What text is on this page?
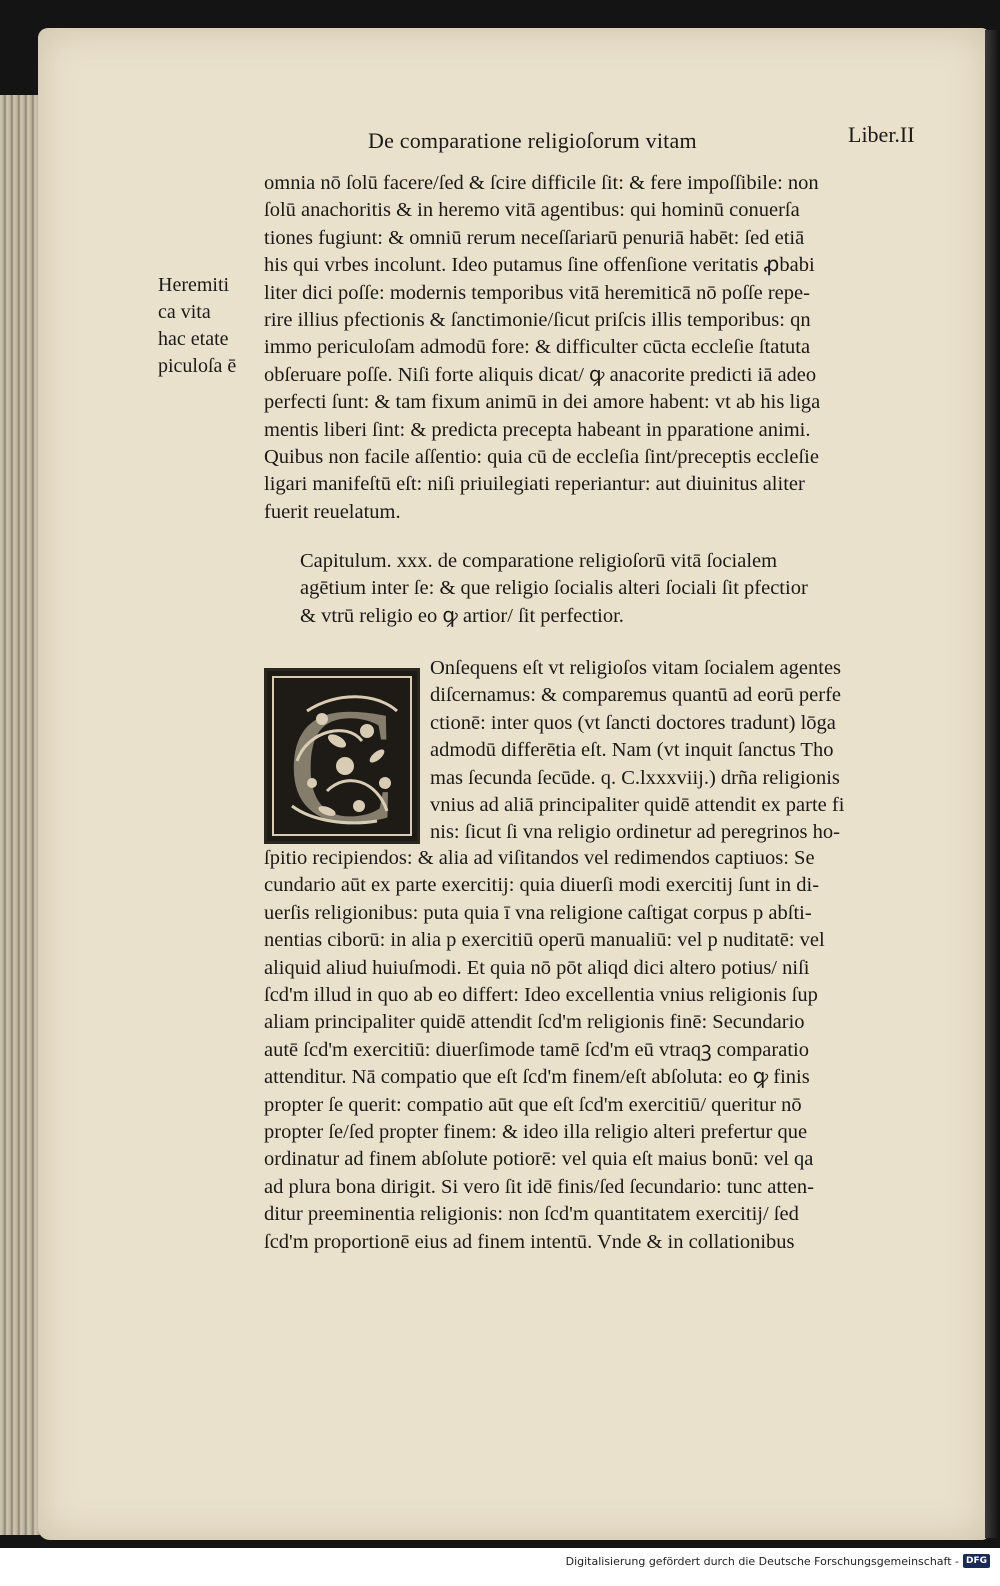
De comparatione religioſorum vitam	Liber.II
Heremiti
ca vita
hac etate
piculoſa ē
omnia nō ſolū facere/ſed & ſcire difficile ſit: & fere impoſſibile: non
ſolū anachoritis & in heremo vitā agentibus: qui hominū conuerſa
tiones fugiunt: & omniū rerum neceſſariarū penuriā habēt: ſed etiā
his qui vrbes incolunt. Ideo putamus ſine offenſione veritatis ꝓbabi
liter dici poſſe: modernis temporibus vitā heremiticā nō poſſe repe-
rire illius pfectionis & ſanctimonie/ſicut priſcis illis temporibus: qn
immo periculoſam admodū fore: & difficulter cūcta eccleſie ſtatuta
obſeruare poſſe. Niſi forte aliquis dicat/ ꝙ anacorite predicti iā adeo
perfecti ſunt: & tam fixum animū in dei amore habent: vt ab his liga
mentis liberi ſint: & predicta precepta habeant in pparatione animi.
Quibus non facile aſſentio: quia cū de eccleſia ſint/preceptis eccleſie
ligari manifeſtū eſt: niſi priuilegiati reperiantur: aut diuinitus aliter
fuerit reuelatum.
Capitulum. xxx. de comparatione religioſorū vitā ſocialem
agētium inter ſe: & que religio ſocialis alteri ſociali ſit pfectior
& vtrū religio eo ꝙ artior/ ſit perfectior.
C
Onſequens eſt vt religioſos vitam ſocialem agentes
diſcernamus: & comparemus quantū ad eorū perfe
ctionē: inter quos (vt ſancti doctores tradunt) lōga
admodū differētia eſt. Nam (vt inquit ſanctus Tho
mas ſecunda ſecūde. q. C.lxxxviij.) drña religionis
vnius ad aliā principaliter quidē attendit ex parte fi
nis: ſicut ſi vna religio ordinetur ad peregrinos ho-
ſpitio recipiendos: & alia ad viſitandos vel redimendos captiuos: Se
cundario aūt ex parte exercitij: quia diuerſi modi exercitij ſunt in di-
uerſis religionibus: puta quia ī vna religione caſtigat corpus p abſti-
nentias ciborū: in alia p exercitiū operū manualiū: vel p nuditatē: vel
aliquid aliud huiuſmodi. Et quia nō pōt aliqd dici altero potius/ niſi
ſcd'm illud in quo ab eo differt: Ideo excellentia vnius religionis ſup
aliam principaliter quidē attendit ſcd'm religionis finē: Secundario
autē ſcd'm exercitiū: diuerſimode tamē ſcd'm eū vtraqꝫ comparatio
attenditur. Nā compatio que eſt ſcd'm finem/eſt abſoluta: eo ꝙ finis
propter ſe querit: compatio aūt que eſt ſcd'm exercitiū/ queritur nō
propter ſe/ſed propter finem: & ideo illa religio alteri prefertur que
ordinatur ad finem abſolute potiorē: vel quia eſt maius bonū: vel qa
ad plura bona dirigit. Si vero ſit idē finis/ſed ſecundario: tunc atten-
ditur preeminentia religionis: non ſcd'm quantitatem exercitij/ ſed
ſcd'm proportionē eius ad finem intentū. Vnde & in collationibus
Digitalisierung gefördert durch die Deutsche Forschungsgemeinschaft - DFG
